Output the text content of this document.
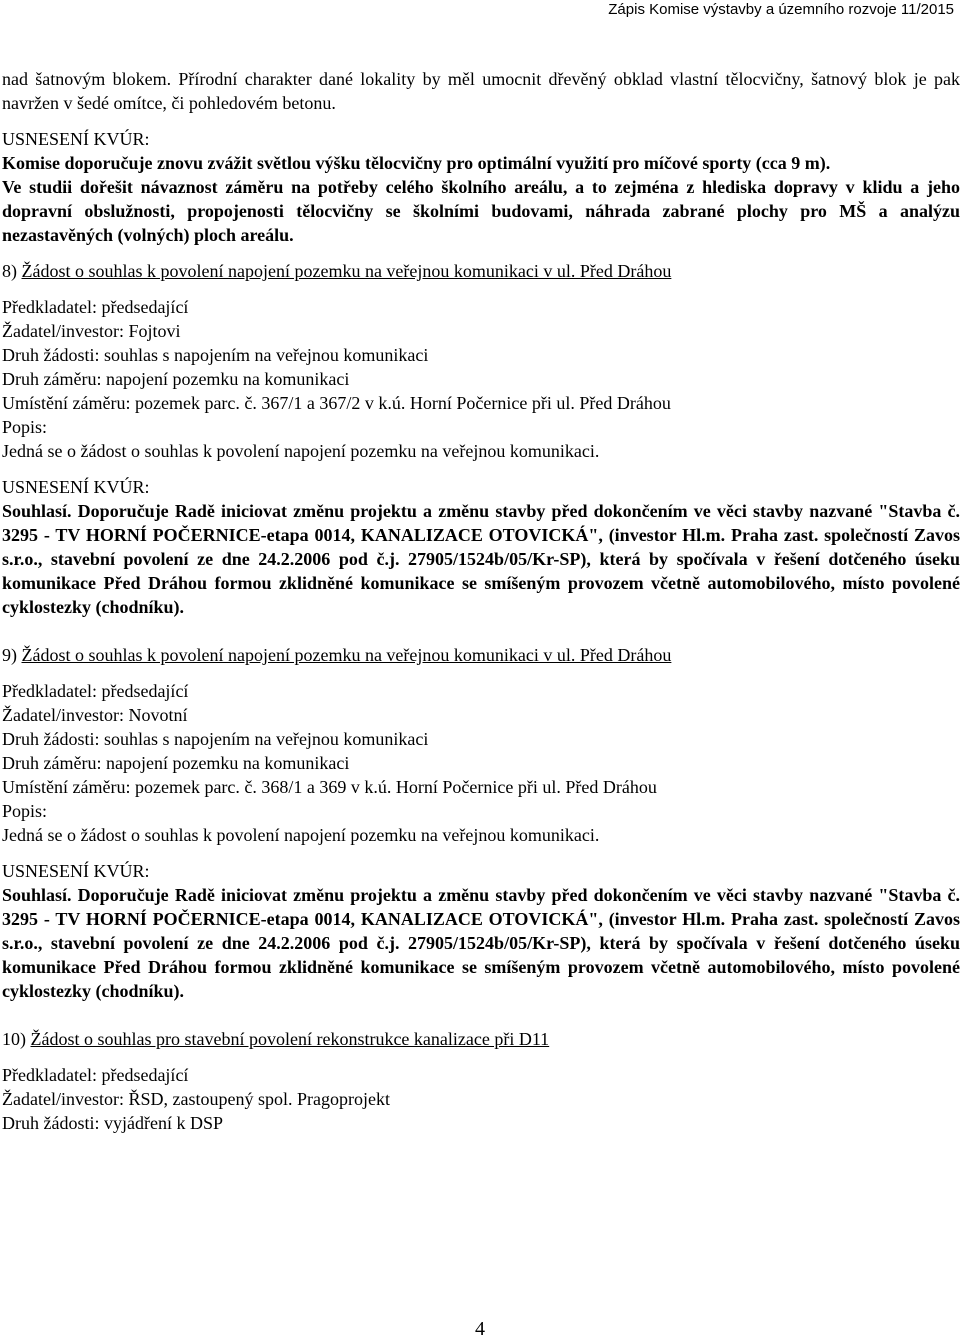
Zápis Komise výstavby a územního rozvoje 11/2015

nad šatnovým blokem. Přírodní charakter dané lokality by měl umocnit dřevěný obklad vlastní tělocvičny, šatnový blok je pak navržen v šedé omítce, či pohledovém betonu.

USNESENÍ KVÚR:

Komise doporučuje znovu zvážit světlou výšku tělocvičny pro optimální využití pro míčové sporty (cca 9 m).

Ve studii dořešit návaznost záměru na potřeby celého školního areálu, a to zejména z hlediska dopravy v klidu a jeho dopravní obslužnosti, propojenosti tělocvičny se školními budovami, náhrada zabrané plochy pro MŠ a analýzu nezastavěných (volných) ploch areálu.

8) Žádost o souhlas k povolení napojení pozemku na veřejnou komunikaci v ul. Před Dráhou

Předkladatel: předsedající

Žadatel/investor: Fojtovi

Druh žádosti: souhlas s napojením na veřejnou komunikaci

Druh záměru: napojení pozemku na komunikaci

Umístění záměru: pozemek parc. č. 367/1 a 367/2 v k.ú. Horní Počernice při ul. Před Dráhou

Popis:

Jedná se o žádost o souhlas k povolení napojení pozemku na veřejnou komunikaci.

USNESENÍ KVÚR:

Souhlasí. Doporučuje Radě iniciovat změnu projektu a změnu stavby před dokončením ve věci stavby nazvané "Stavba č. 3295 - TV HORNÍ POČERNICE-etapa 0014, KANALIZACE OTOVICKÁ", (investor Hl.m. Praha zast. společností Zavos s.r.o., stavební povolení ze dne 24.2.2006 pod č.j. 27905/1524b/05/Kr-SP), která by spočívala v řešení dotčeného úseku komunikace Před Dráhou formou zklidněné komunikace se smíšeným provozem včetně automobilového, místo povolené cyklostezky (chodníku).

9) Žádost o souhlas k povolení napojení pozemku na veřejnou komunikaci v ul. Před Dráhou

Předkladatel: předsedající

Žadatel/investor: Novotní

Druh žádosti: souhlas s napojením na veřejnou komunikaci

Druh záměru: napojení pozemku na komunikaci

Umístění záměru: pozemek parc. č. 368/1 a 369 v k.ú. Horní Počernice při ul. Před Dráhou

Popis:

Jedná se o žádost o souhlas k povolení napojení pozemku na veřejnou komunikaci.

USNESENÍ KVÚR:

Souhlasí. Doporučuje Radě iniciovat změnu projektu a změnu stavby před dokončením ve věci stavby nazvané "Stavba č. 3295 - TV HORNÍ POČERNICE-etapa 0014, KANALIZACE OTOVICKÁ", (investor Hl.m. Praha zast. společností Zavos s.r.o., stavební povolení ze dne 24.2.2006 pod č.j. 27905/1524b/05/Kr-SP), která by spočívala v řešení dotčeného úseku komunikace Před Dráhou formou zklidněné komunikace se smíšeným provozem včetně automobilového, místo povolené cyklostezky (chodníku).

10) Žádost o souhlas pro stavební povolení rekonstrukce kanalizace při D11

Předkladatel: předsedající

Žadatel/investor: ŘSD, zastoupený spol. Pragoprojekt

Druh žádosti: vyjádření k DSP

4
